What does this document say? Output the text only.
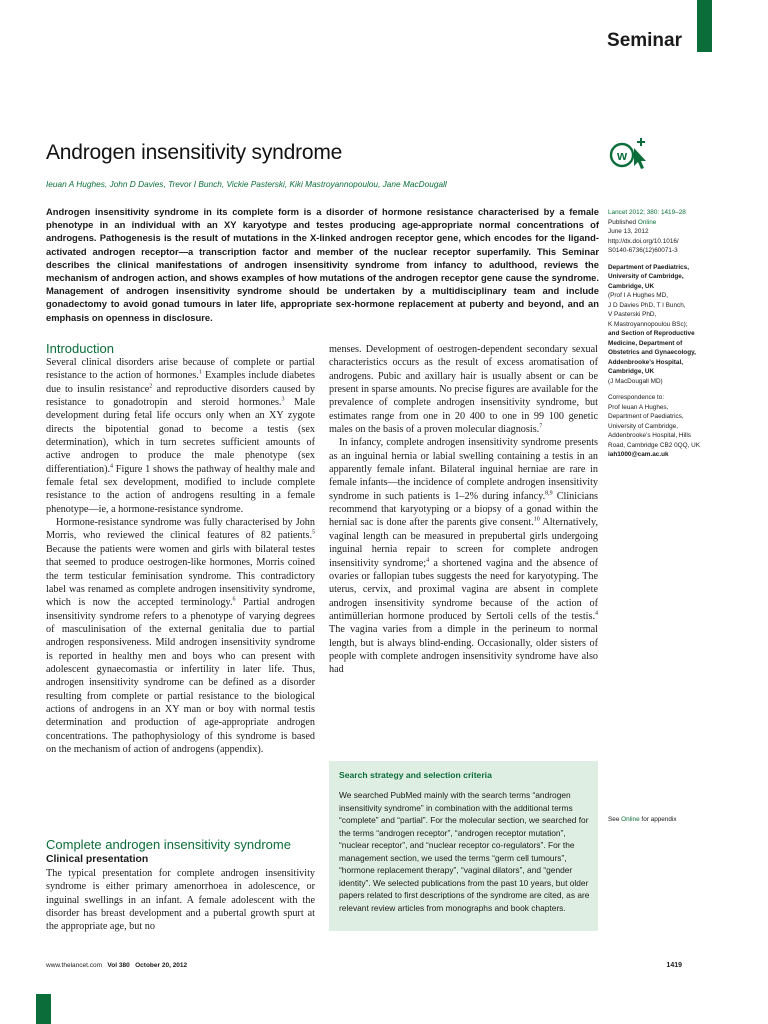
Seminar
Androgen insensitivity syndrome	w
Ieuan A Hughes, John D Davies, Trevor I Bunch, Vickie Pasterski, Kiki Mastroyannopoulou, Jane MacDougall
Androgen insensitivity syndrome in its complete form is a disorder of hormone resistance characterised by a female phenotype in an individual with an XY karyotype and testes producing age-appropriate normal concentrations of androgens. Pathogenesis is the result of mutations in the X-linked androgen receptor gene, which encodes for the ligand-activated androgen receptor—a transcription factor and member of the nuclear receptor superfamily. This Seminar describes the clinical manifestations of androgen insensitivity syndrome from infancy to adulthood, reviews the mechanism of androgen action, and shows examples of how mutations of the androgen receptor gene cause the syndrome. Management of androgen insensitivity syndrome should be undertaken by a multidisciplinary team and include gonadectomy to avoid gonad tumours in later life, appropriate sex-hormone replacement at puberty and beyond, and an emphasis on openness in disclosure.
Introduction

Several clinical disorders arise because of complete or partial resistance to the action of hormones.$^1$ Examples include diabetes due to insulin resistance$^2$ and reproductive disorders caused by resistance to gonadotropin and steroid hormones.$^3$ Male development during fetal life occurs only when an XY zygote directs the bipotential gonad to become a testis (sex determination), which in turn secretes sufficient amounts of active androgen to produce the male phenotype (sex differentiation).$^4$ Figure 1 shows the pathway of healthy male and female fetal sex development, modified to include complete resistance to the action of androgens resulting in a female phenotype—ie, a hormone-resistance syndrome.

Hormone-resistance syndrome was fully characterised by John Morris, who reviewed the clinical features of 82 patients.$^5$ Because the patients were women and girls with bilateral testes that seemed to produce oestrogen-like hormones, Morris coined the term testicular feminisation syndrome. This contradictory label was renamed as complete androgen insensitivity syndrome, which is now the accepted terminology.$^6$ Partial androgen insensitivity syndrome refers to a phenotype of varying degrees of masculinisation of the external genitalia due to partial androgen responsiveness. Mild androgen insensitivity syndrome is reported in healthy men and boys who can present with adolescent gynaecomastia or infertility in later life. Thus, androgen insensitivity syndrome can be defined as a disorder resulting from complete or partial resistance to the biological actions of androgens in an XY man or boy with normal testis determination and production of age-appropriate androgen concentrations. The pathophysiology of this syndrome is based on the mechanism of action of androgens (appendix).

Complete androgen insensitivity syndrome
Clinical presentation

The typical presentation for complete androgen insensitivity syndrome is either primary amenorrhoea in adolescence, or inguinal swellings in an infant. A female adolescent with the disorder has breast development and a pubertal growth spurt at the appropriate age, but no

menses. Development of oestrogen-dependent secondary sexual characteristics occurs as the result of excess aromatisation of androgens. Pubic and axillary hair is usually absent or can be present in sparse amounts. No precise figures are available for the prevalence of complete androgen insensitivity syndrome, but estimates range from one in 20 400 to one in 99 100 genetic males on the basis of a proven molecular diagnosis.$^7$

In infancy, complete androgen insensitivity syndrome presents as an inguinal hernia or labial swelling containing a testis in an apparently female infant. Bilateral inguinal herniae are rare in female infants—the incidence of complete androgen insensitivity syndrome in such patients is 1–2% during infancy.$^{8,9}$ Clinicians recommend that karyotyping or a biopsy of a gonad within the hernial sac is done after the parents give consent.$^{10}$ Alternatively, vaginal length can be measured in prepubertal girls undergoing inguinal hernia repair to screen for complete androgen insensitivity syndrome;$^4$ a shortened vagina and the absence of ovaries or fallopian tubes suggests the need for karyotyping. The uterus, cervix, and proximal vagina are absent in complete androgen insensitivity syndrome because of the action of antimüllerian hormone produced by Sertoli cells of the testis.$^4$ The vagina varies from a dimple in the perineum to normal length, but is always blind-ending. Occasionally, older sisters of people with complete androgen insensitivity syndrome have also had

Search strategy and selection criteria
We searched PubMed mainly with the search terms “androgen insensitivity syndrome” in combination with the additional terms “complete” and “partial”. For the molecular section, we searched for the terms “androgen receptor”, “androgen receptor mutation”, “nuclear receptor”, and “nuclear receptor co-regulators”. For the management section, we used the terms “germ cell tumours”, “hormone replacement therapy”, “vaginal dilators”, and “gender identity”. We selected publications from the past 10 years, but older papers related to first descriptions of the syndrome are cited, as are relevant review articles from monographs and book chapters.
Lancet 2012; 380: 1419–28
Published Online
June 13, 2012
http://dx.doi.org/10.1016/
S0140-6736(12)60071-3
Department of Paediatrics,
University of Cambridge,
Cambridge, UK
(Prof I A Hughes MD,
J D Davies PhD, T I Bunch,
V Pasterski PhD,
K Mastroyannopoulou BSc);
and Section of Reproductive
Medicine, Department of
Obstetrics and Gynaecology,
Addenbrooke’s Hospital,
Cambridge, UK
(J MacDougall MD)
Correspondence to:
Prof Ieuan A Hughes,
Department of Paediatrics,
University of Cambridge,
Addenbrooke’s Hospital, Hills
Road, Cambridge CB2 0QQ, UK
iah1000@cam.ac.uk
See Online for appendix
www.thelancet.com Vol 380 October 20, 2012	1419
